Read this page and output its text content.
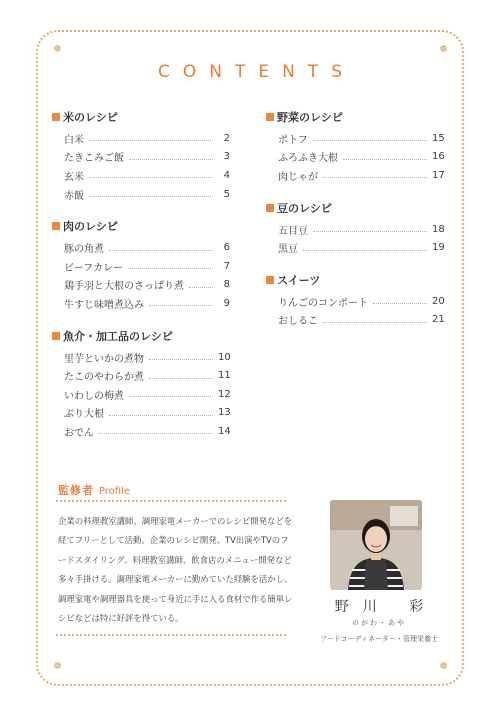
CONTENTS
米のレシピ
白米	2
たきこみご飯	3
玄米	4
赤飯	5
肉のレシピ
豚の角煮	6
ビーフカレー	7
鶏手羽と大根のさっぱり煮	8
牛すじ味噌煮込み	9
魚介・加工品のレシピ
里芋といかの煮物	10
たこのやわらか煮	11
いわしの梅煮	12
ぶり大根	13
おでん	14
野菜のレシピ
ポトフ	15
ふろふき大根	16
肉じゃが	17
豆のレシピ
五目豆	18
黒豆	19
スイーツ
りんごのコンポート	20
おしるこ	21
監修者 Profile
企業の料理教室講師、調理家電メーカーでのレシピ開発などを経てフリーとして活動。企業のレシピ開発、TV出演やTVのフードスタイリング、料理教室講師、飲食店のメニュー開発など多々手掛ける。調理家電メーカーに勤めていた経験を活かし、調理家電や調理器具を使って身近に手に入る食材で作る簡単レシピなどは特に好評を得ている。
野川 彩
のがわ・あや
フードコーディネーター・管理栄養士
